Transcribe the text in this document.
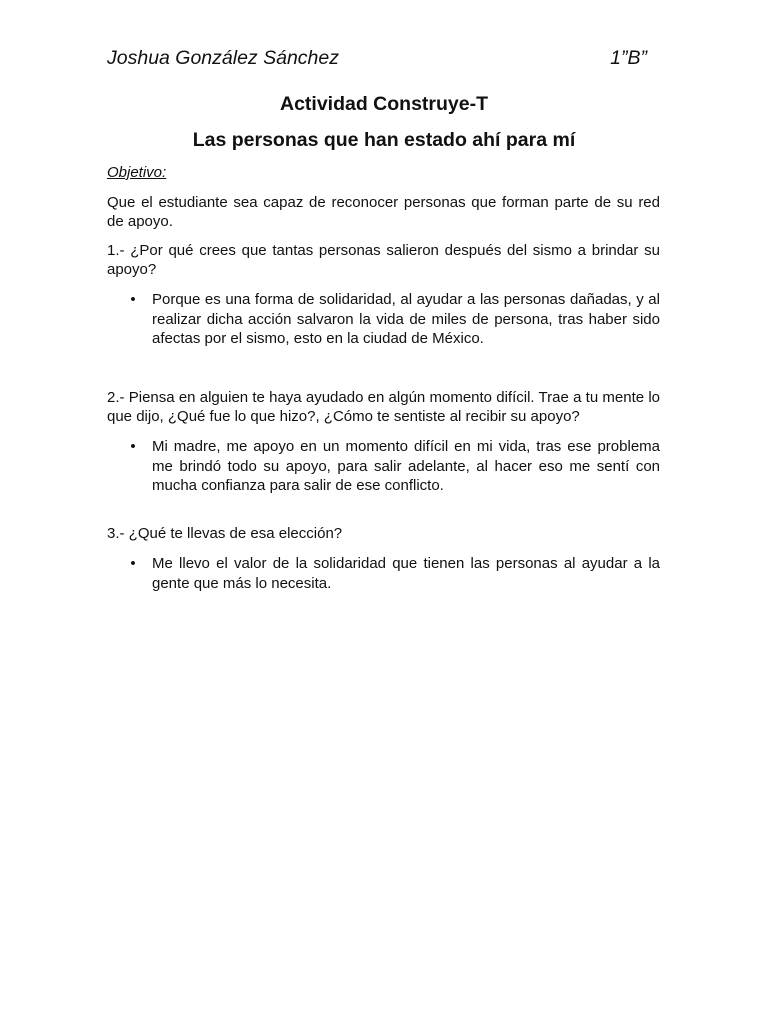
Joshua González Sánchez	1”B”
Actividad Construye-T
Las personas que han estado ahí para mí
Objetivo:
Que el estudiante sea capaz de reconocer personas que forman parte de su red de apoyo.
1.- ¿Por qué crees que tantas personas salieron después del sismo a brindar su apoyo?
• Porque es una forma de solidaridad, al ayudar a las personas dañadas, y al realizar dicha acción salvaron la vida de miles de persona, tras haber sido afectas por el sismo, esto en la ciudad de México.
2.- Piensa en alguien te haya ayudado en algún momento difícil. Trae a tu mente lo que dijo, ¿Qué fue lo que hizo?, ¿Cómo te sentiste al recibir su apoyo?
• Mi madre, me apoyo en un momento difícil en mi vida, tras ese problema me brindó todo su apoyo, para salir adelante, al hacer eso me sentí con mucha confianza para salir de ese conflicto.
3.- ¿Qué te llevas de esa elección?
• Me llevo el valor de la solidaridad que tienen las personas al ayudar a la gente que más lo necesita.
